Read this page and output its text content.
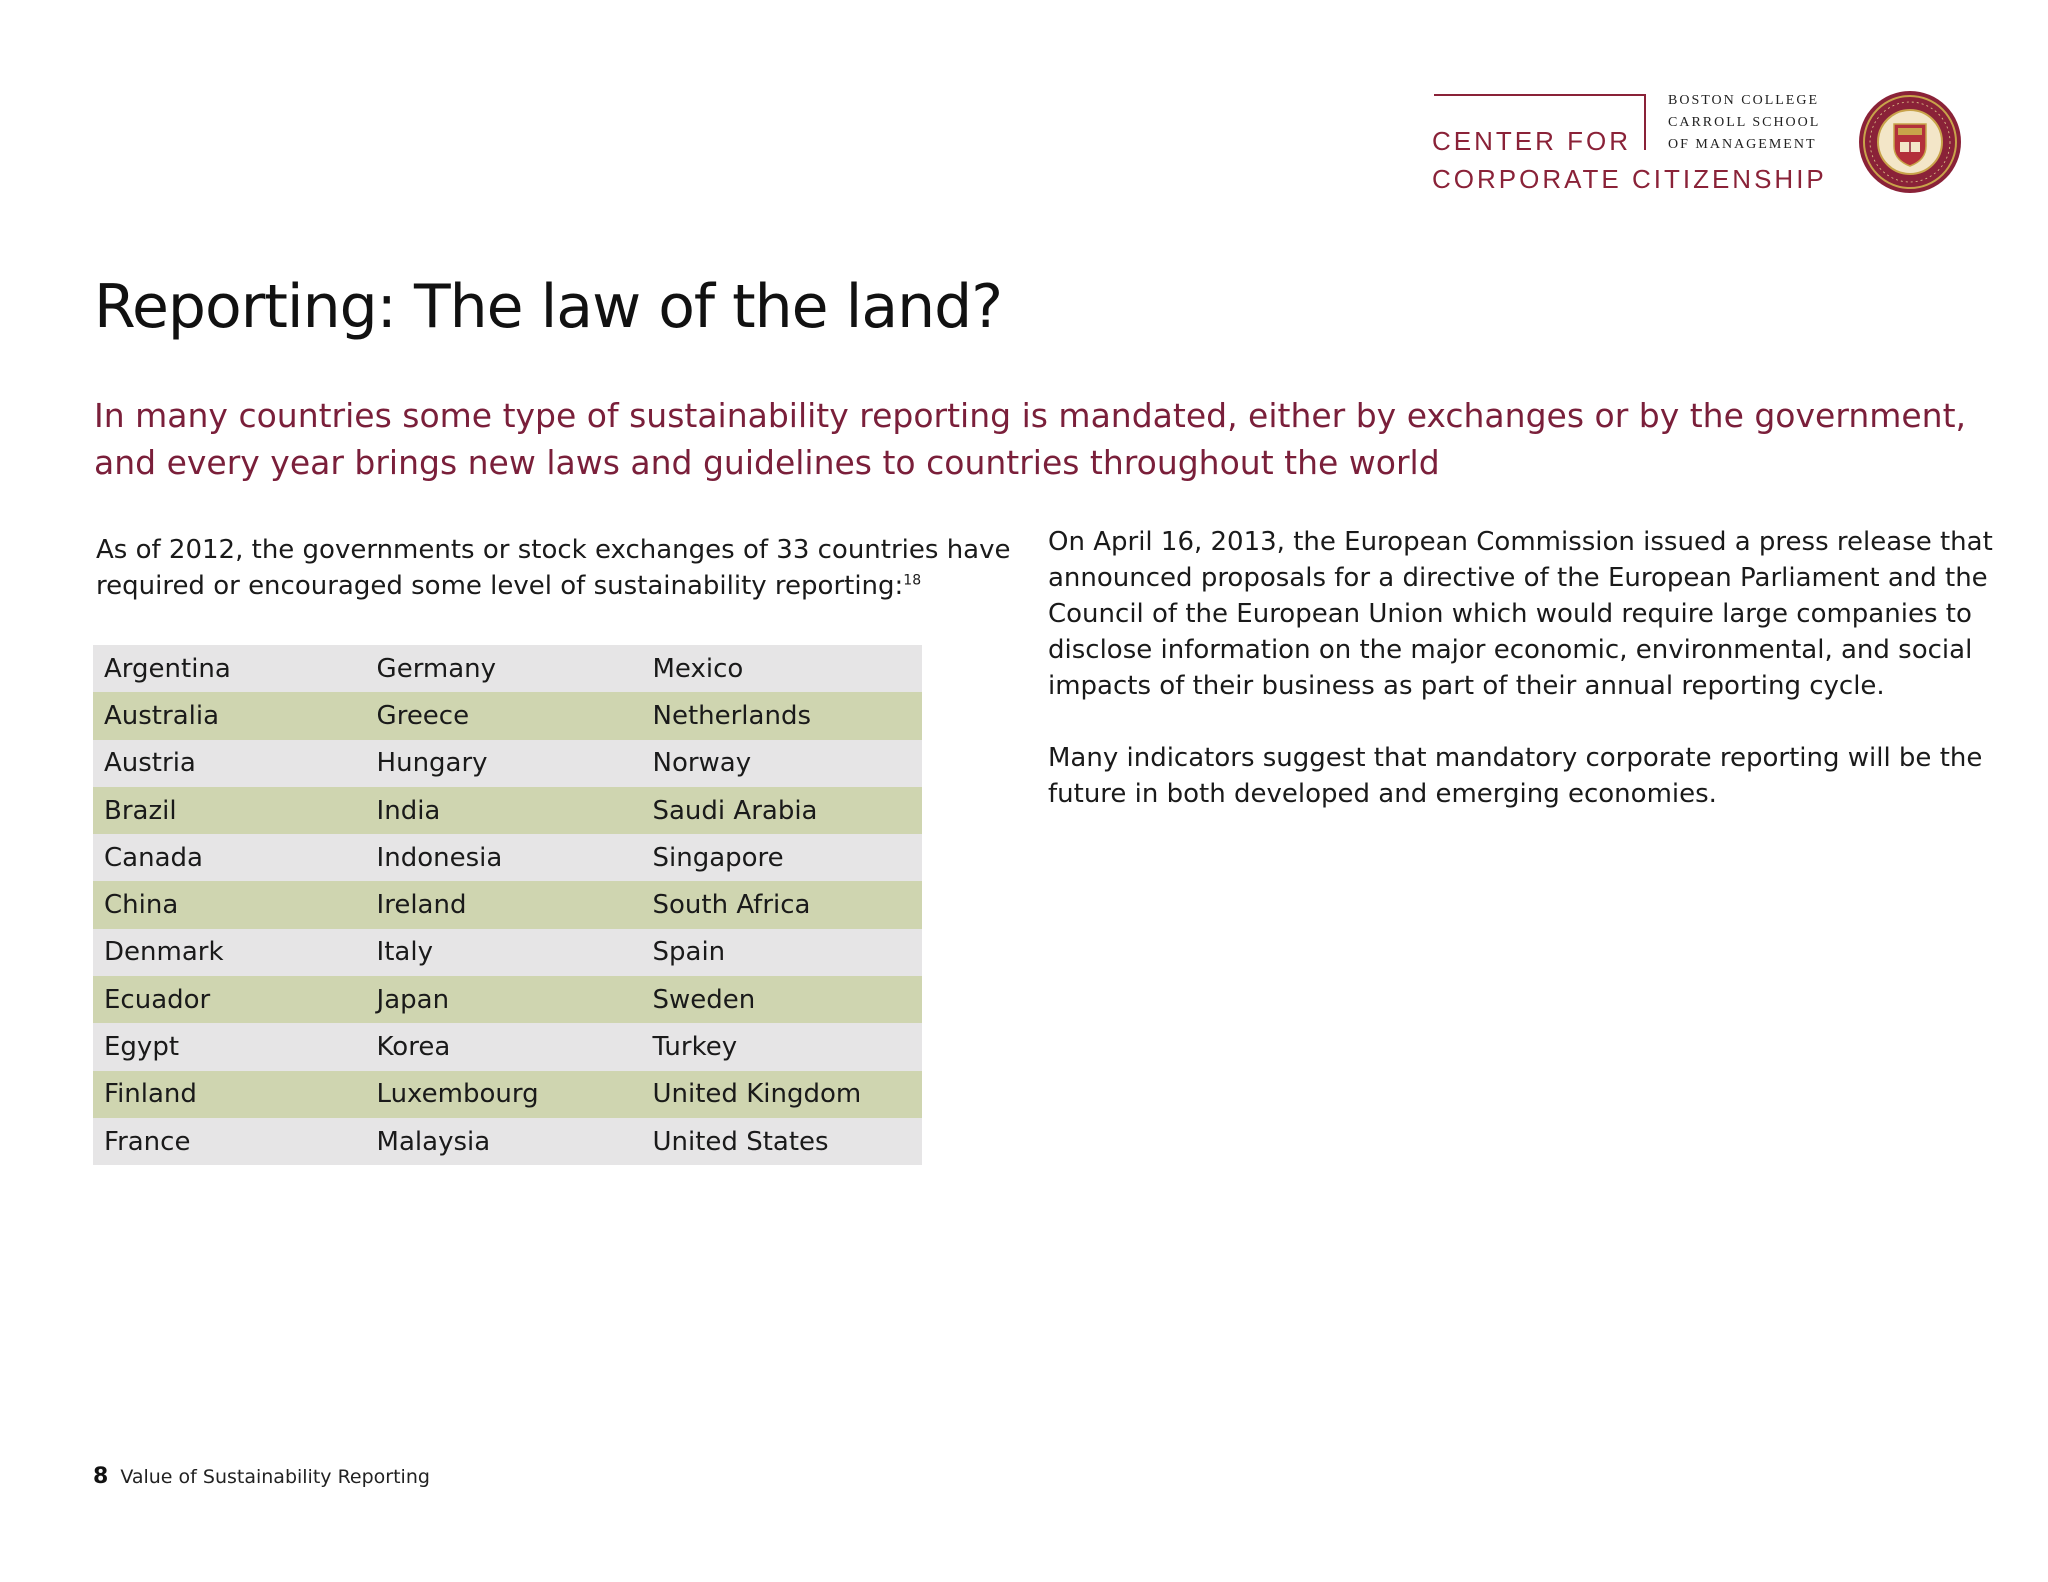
CENTER FOR
CORPORATE CITIZENSHIP
BOSTON COLLEGE
CARROLL SCHOOL
OF MANAGEMENT
Reporting: The law of the land?

In many countries some type of sustainability reporting is mandated, either by exchanges or by the government,
and every year brings new laws and guidelines to countries throughout the world

As of 2012, the governments or stock exchanges of 33 countries have
required or encouraged some level of sustainability reporting:$^{18}$

Argentina	Germany	Mexico
Australia	Greece	Netherlands
Austria	Hungary	Norway
Brazil	India	Saudi Arabia
Canada	Indonesia	Singapore
China	Ireland	South Africa
Denmark	Italy	Spain
Ecuador	Japan	Sweden
Egypt	Korea	Turkey
Finland	Luxembourg	United Kingdom
France	Malaysia	United States

On April 16, 2013, the European Commission issued a press release that
announced proposals for a directive of the European Parliament and the
Council of the European Union which would require large companies to
disclose information on the major economic, environmental, and social
impacts of their business as part of their annual reporting cycle.

Many indicators suggest that mandatory corporate reporting will be the
future in both developed and emerging economies.

8 Value of Sustainability Reporting
